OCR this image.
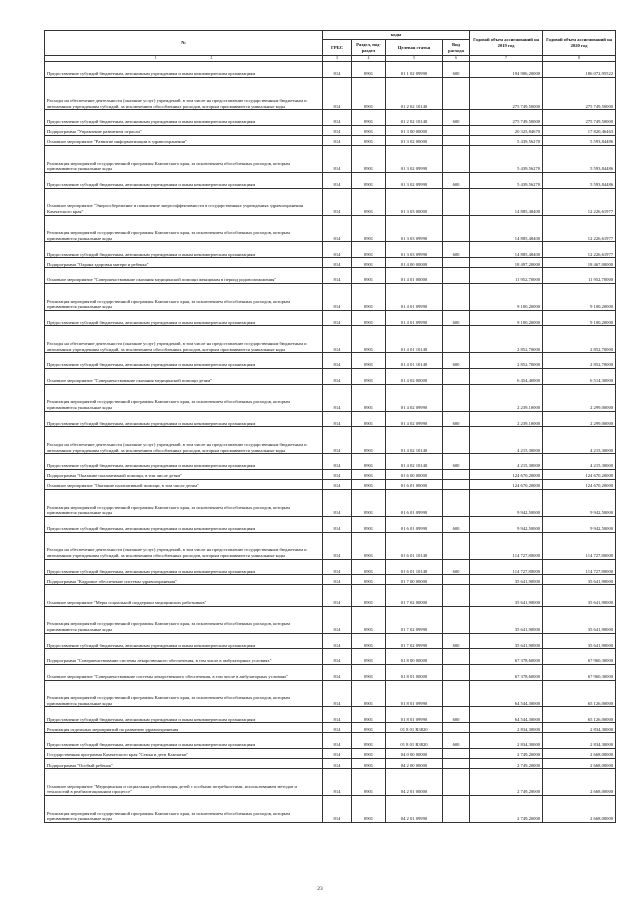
№	коды				Годовой объем ассигнований на 2019 год	Годовой объем ассигнований на 2020 год
	ГРБС	Раздел, под-раздел	Целевая статья	Вид расхода		
1 2	3	4	5	6	7	8
Предоставление субсидий бюджетным, автономным учреждениям и иным некоммерческим организациям	814	0901	01 1 02 09990	600	194 906,20000	186 072,95522
Расходы на обеспечение деятельности (оказание услуг) учреждений, в том числе на предоставление государственным бюджетным и автономным учреждениям субсидий, за исключением обособленных расходов, которым присваиваются уникальные коды	814	0901	01 2 02 10140		275 749,50000	275 749,50000
Предоставление субсидий бюджетным, автономным учреждениям и иным некоммерческим организациям	814	0901	01 2 02 10140	600	275 749,50000	275 749,50000
Подпрограмма "Управление развитием отрасли"	814	0901	01 3 00 00000		20 325,84670	17 820,46463
Основное мероприятие "Развитие информатизации в здравоохранении"	814	0901	01 3 02 00000		5 439,56270	5 593,84486
Реализация мероприятий государственной программы Камчатского края, за исключением обособленных расходов, которым присваиваются уникальные коды	814	0901	01 3 02 09990		5 439,56270	5 593,84486
Предоставление субсидий бюджетным, автономным учреждениям и иным некоммерческим организациям	814	0901	01 3 02 09990	600	5 439,56270	5 593,84486
Основное мероприятие "Энергосбережение и повышение энергоэффективности в государственных учреждениях здравоохранения Камчатского края"	814	0901	01 3 03 00000		14 885,48400	12 226,61977
Реализация мероприятий государственной программы Камчатского края, за исключением обособленных расходов, которым присваиваются уникальные коды	814	0901	01 3 03 09990		14 885,48400	12 226,61977
Предоставление субсидий бюджетным, автономным учреждениям и иным некоммерческим организациям	814	0901	01 3 03 09990	600	14 885,48400	12 226,61977
Подпрограмма "Охрана здоровья матери и ребенка"	814	0901	01 4 00 00000		18 497,20000	18 467,00000
Основное мероприятие "Совершенствование оказания медицинской помощи женщинам в период родовспоможения"	814	0901	01 4 01 00000		11 952,70000	11 952,70000
Реализация мероприятий государственной программы Камчатского края, за исключением обособленных расходов, которым присваиваются уникальные коды	814	0901	01 4 01 09990		9 100,20000	9 100,20000
Предоставление субсидий бюджетным, автономным учреждениям и иным некоммерческим организациям	814	0901	01 4 01 09990	600	9 100,20000	9 100,20000
Расходы на обеспечение деятельности (оказание услуг) учреждений, в том числе на предоставление государственным бюджетным и автономным учреждениям субсидий, за исключением обособленных расходов, которым присваиваются уникальные коды	814	0901	01 4 01 10140		2 852,70000	2 852,70000
Предоставление субсидий бюджетным, автономным учреждениям и иным некоммерческим организациям	814	0901	01 4 01 10140	600	2 852,70000	2 852,70000
Основное мероприятие "Совершенствование оказания медицинской помощи детям"	814	0901	01 4 02 00000		6 454,40000	6 514,30000
Реализация мероприятий государственной программы Камчатского края, за исключением обособленных расходов, которым присваиваются уникальные коды	814	0901	01 4 02 09990		2 239,10000	2 299,00000
Предоставление субсидий бюджетным, автономным учреждениям и иным некоммерческим организациям	814	0901	01 4 02 09990	600	2 239,10000	2 299,00000
Расходы на обеспечение деятельности (оказание услуг) учреждений, в том числе на предоставление государственным бюджетным и автономным учреждениям субсидий, за исключением обособленных расходов, которым присваиваются уникальные коды	814	0901	01 4 02 10140		4 215,30000	4 215,30000
Предоставление субсидий бюджетным, автономным учреждениям и иным некоммерческим организациям	814	0901	01 4 02 10140	600	4 215,30000	4 215,30000
Подпрограмма "Оказание паллиативной помощи, в том числе детям"	814	0901	01 6 00 00000		124 670,20000	124 670,20000
Основное мероприятие "Оказание паллиативной помощи, в том числе детям"	814	0901	01 6 01 00000		124 670,20000	124 670,20000
Реализация мероприятий государственной программы Камчатского края, за исключением обособленных расходов, которым присваиваются уникальные коды	814	0901	01 6 01 09990		9 942,50000	9 942,50000
Предоставление субсидий бюджетным, автономным учреждениям и иным некоммерческим организациям	814	0901	01 6 01 09990	600	9 942,50000	9 942,50000
Расходы на обеспечение деятельности (оказание услуг) учреждений, в том числе на предоставление государственным бюджетным и автономным учреждениям субсидий, за исключением обособленных расходов, которым присваиваются уникальные коды	814	0901	01 6 01 10140		114 727,80000	114 727,80000
Предоставление субсидий бюджетным, автономным учреждениям и иным некоммерческим организациям	814	0901	01 6 01 10140	600	114 727,80000	114 727,80000
Подпрограмма "Кадровое обеспечение системы здравоохранения"	814	0901	01 7 00 00000		35 641,90000	35 641,90000
Основное мероприятие "Меры социальной поддержки медицинских работников"	814	0901	01 7 02 00000		35 641,90000	35 641,90000
Реализация мероприятий государственной программы Камчатского края, за исключением обособленных расходов, которым присваиваются уникальные коды	814	0901	01 7 02 09990		35 641,90000	35 641,90000
Предоставление субсидий бюджетным, автономным учреждениям и иным некоммерческим организациям	814	0901	01 7 02 09990	600	35 641,90000	35 641,90000
Подпрограмма "Совершенствование системы лекарственного обеспечения, в том числе в амбулаторных условиях"	814	0901	01 8 00 00000		67 378,60000	67 960,30000
Основное мероприятие "Совершенствование системы лекарственного обеспечения, в том числе в амбулаторных условиях"	814	0901	01 8 01 00000		67 378,60000	67 960,30000
Реализация мероприятий государственной программы Камчатского края, за исключением обособленных расходов, которым присваиваются уникальные коды	814	0901	01 8 01 09990		64 544,30000	65 126,00000
Предоставление субсидий бюджетным, автономным учреждениям и иным некоммерческим организациям	814	0901	01 8 01 09990	600	64 544,30000	65 126,00000
Реализация отдельных мероприятий по развитию здравоохранения	814	0901	01 8 01 R3820		2 834,30000	2 834,30000
Предоставление субсидий бюджетным, автономным учреждениям и иным некоммерческим организациям	814	0901	01 8 01 R3820	600	2 834,30000	2 834,30000
Государственная программа Камчатского края "Семья и дети Камчатки"	814	0901	04 0 00 00000		2 749,20000	2 668,00000
Подпрограмма "Особый ребенок"	814	0901	04 2 00 00000		2 749,20000	2 668,00000
Основное мероприятие "Медицинская и социальная реабилитация детей с особыми потребностями, использованием методов и технологий в реабилитационном процессе"	814	0901	04 2 01 00000		2 749,20000	2 668,00000
Реализация мероприятий государственной программы Камчатского края, за исключением обособленных расходов, которым присваиваются уникальные коды	814	0901	04 2 01 09990		2 749,20000	2 668,00000
23
